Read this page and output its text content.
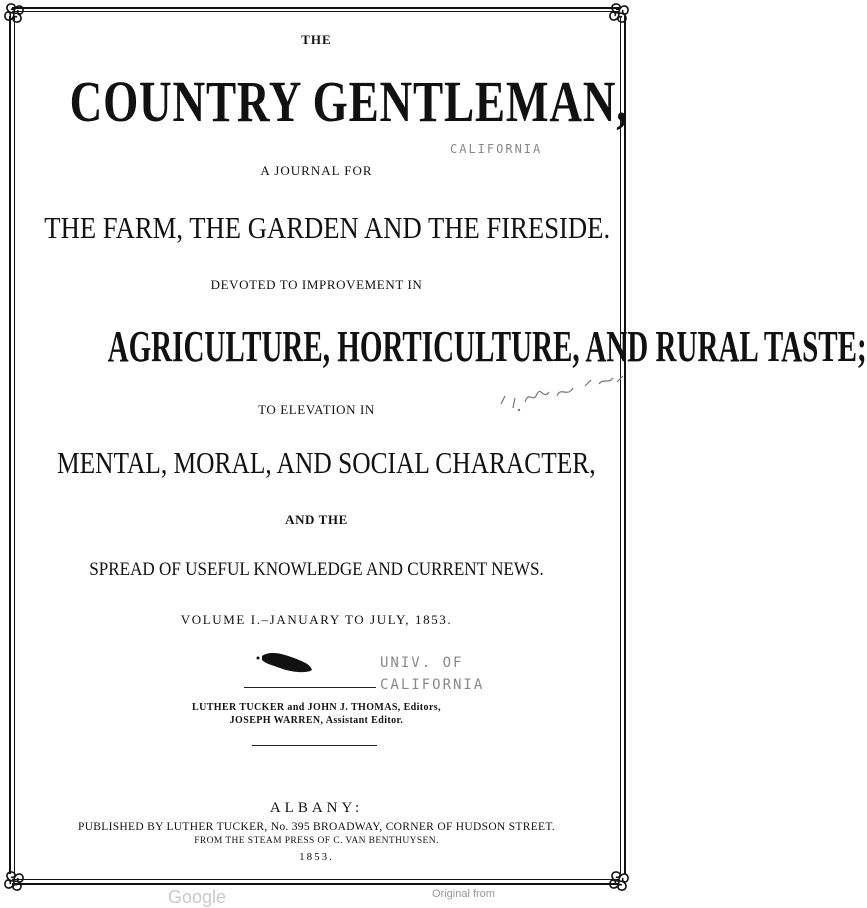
THE
COUNTRY GENTLEMAN,
CALIFORNIA
A JOURNAL FOR
THE FARM, THE GARDEN AND THE FIRESIDE.
DEVOTED TO IMPROVEMENT IN
AGRICULTURE, HORTICULTURE, AND RURAL TASTE;
TO ELEVATION IN
MENTAL, MORAL, AND SOCIAL CHARACTER,
AND THE
SPREAD OF USEFUL KNOWLEDGE AND CURRENT NEWS.
VOLUME I.–JANUARY TO JULY, 1853.
UNIV. OF
CALIFORNIA
LUTHER TUCKER and JOHN J. THOMAS, Editors,
JOSEPH WARREN, Assistant Editor.
ALBANY:
PUBLISHED BY LUTHER TUCKER, No. 395 BROADWAY, CORNER OF HUDSON STREET.
FROM THE STEAM PRESS OF C. VAN BENTHUYSEN.
1853.
Google	Original from
